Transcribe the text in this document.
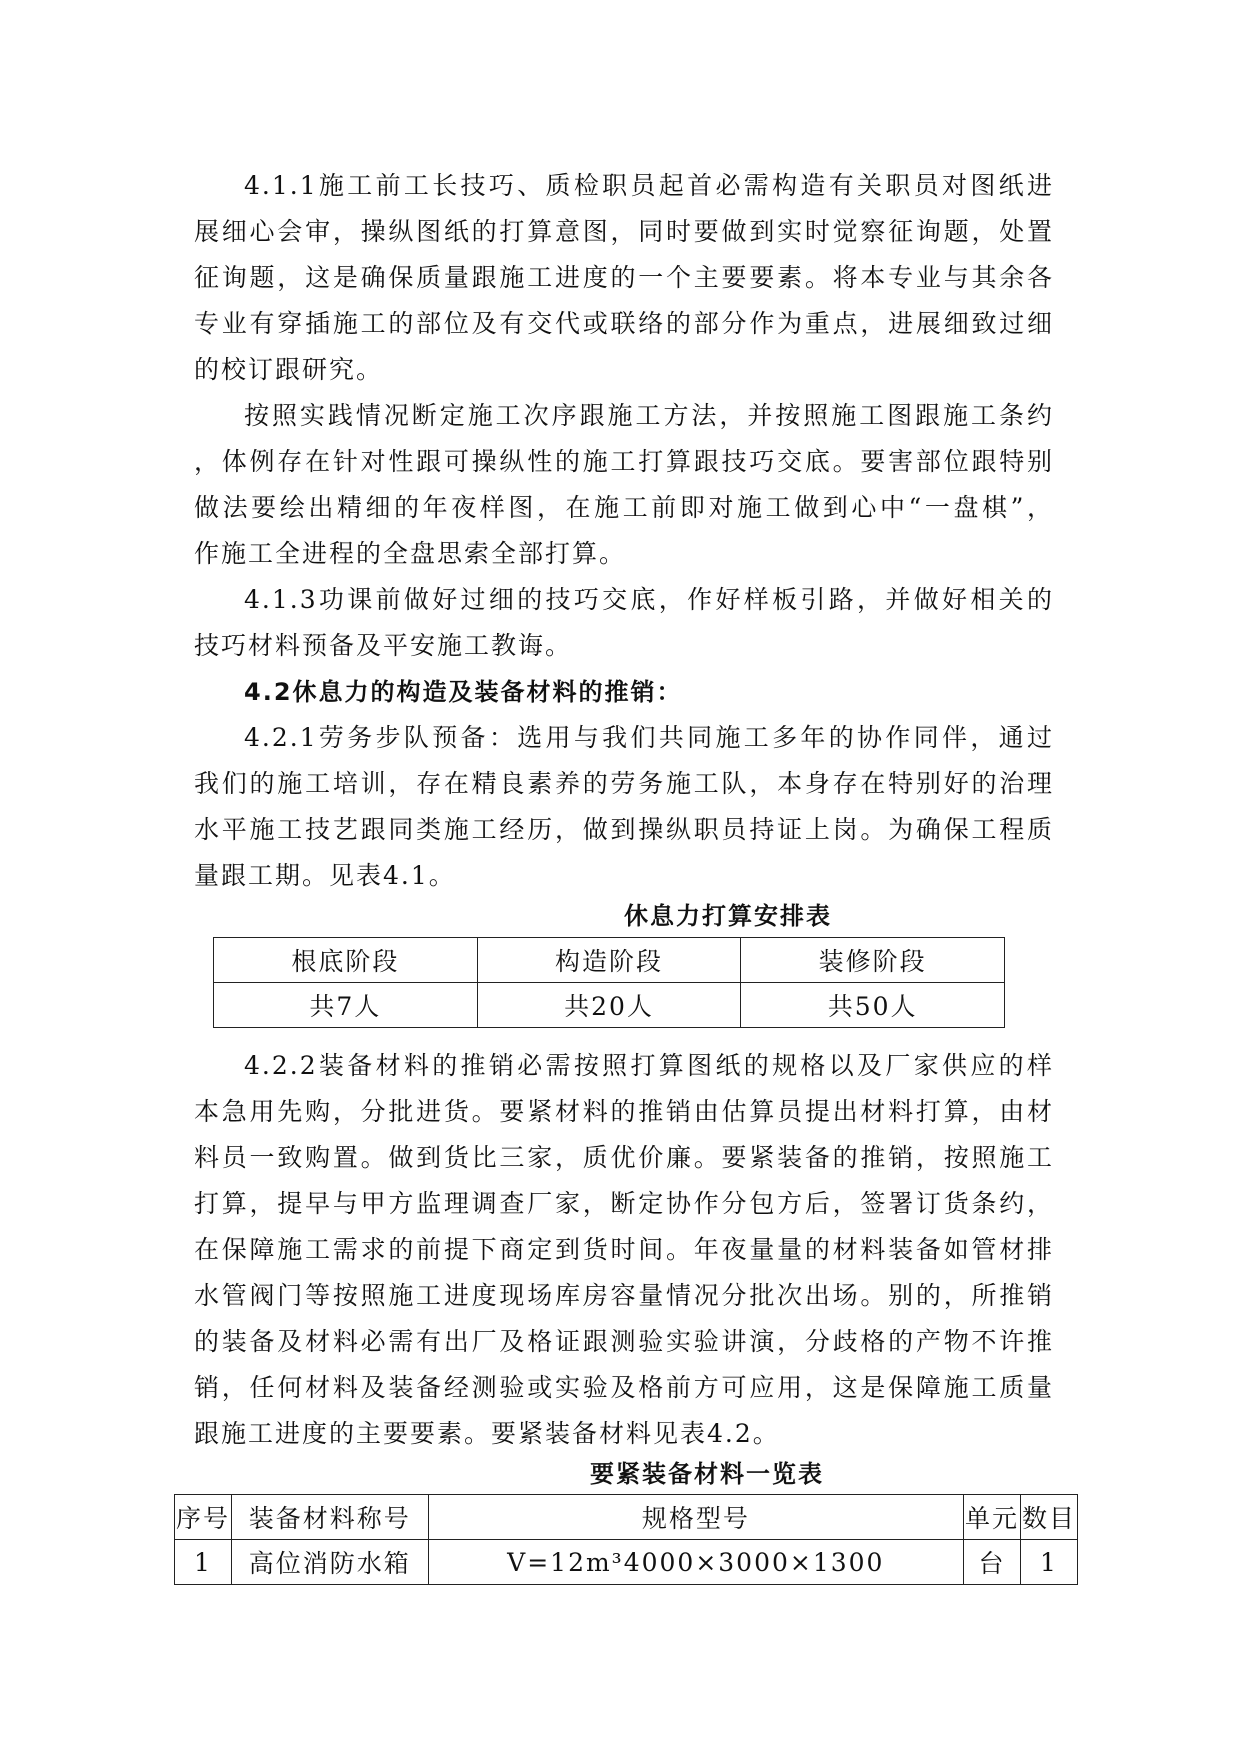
4.1.1施工前工长技巧、质检职员起首必需构造有关职员对图纸进
展细心会审，操纵图纸的打算意图，同时要做到实时觉察征询题，处置
征询题，这是确保质量跟施工进度的一个主要要素。将本专业与其余各
专业有穿插施工的部位及有交代或联络的部分作为重点，进展细致过细
的校订跟研究。
按照实践情况断定施工次序跟施工方法，并按照施工图跟施工条约
，体例存在针对性跟可操纵性的施工打算跟技巧交底。要害部位跟特别
做法要绘出精细的年夜样图，在施工前即对施工做到心中“一盘棋”，
作施工全进程的全盘思索全部打算。
4.1.3功课前做好过细的技巧交底，作好样板引路，并做好相关的
技巧材料预备及平安施工教诲。
4.2休息力的构造及装备材料的推销：
4.2.1劳务步队预备：选用与我们共同施工多年的协作同伴，通过
我们的施工培训，存在精良素养的劳务施工队，本身存在特别好的治理
水平施工技艺跟同类施工经历，做到操纵职员持证上岗。为确保工程质
量跟工期。见表4.1。
休息力打算安排表
根底阶段	构造阶段	装修阶段
共7人	共20人	共50人
4.2.2装备材料的推销必需按照打算图纸的规格以及厂家供应的样
本急用先购，分批进货。要紧材料的推销由估算员提出材料打算，由材
料员一致购置。做到货比三家，质优价廉。要紧装备的推销，按照施工
打算，提早与甲方监理调查厂家，断定协作分包方后，签署订货条约，
在保障施工需求的前提下商定到货时间。年夜量量的材料装备如管材排
水管阀门等按照施工进度现场库房容量情况分批次出场。别的，所推销
的装备及材料必需有出厂及格证跟测验实验讲演，分歧格的产物不许推
销，任何材料及装备经测验或实验及格前方可应用，这是保障施工质量
跟施工进度的主要要素。要紧装备材料见表4.2。
要紧装备材料一览表
序号	装备材料称号	规格型号	单元	数目
1	高位消防水箱	V=12m³4000×3000×1300	台	1
